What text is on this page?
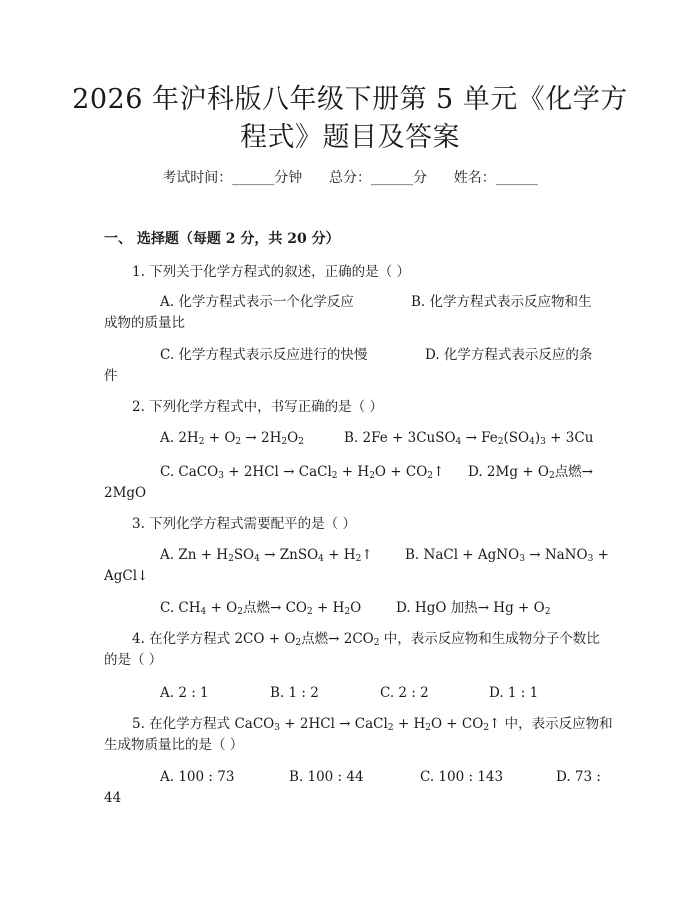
2026 年沪科版八年级下册第 5 单元《化学方
程式》题目及答案
考试时间：______分钟 总分：______分 姓名：______
一、 选择题（每题 2 分，共 20 分）
1. 下列关于化学方程式的叙述，正确的是（ ）
A. 化学方程式表示一个化学反应	B. 化学方程式表示反应物和生
成物的质量比
C. 化学方程式表示反应进行的快慢	D. 化学方程式表示反应的条
件
2. 下列化学方程式中，书写正确的是（ ）
A. $2H_2 + O_2 \to 2H_2O_2$	B. 2Fe + 3CuSO$_4$ → $Fe_2(SO_4)_3 + 3Cu$
C. CaCO$_3$ + 2HCl → CaCl$_2$ + $H_2O$ + $CO_2↑$ D. $2Mg + O_2$点燃→
2MgO
3. 下列化学方程式需要配平的是（ ）
A. $Zn + H_2SO_4$ → ZnSO$_4$ + $H_2↑$ B. NaCl + AgNO$_3$ → NaNO$_3$ +
AgCl↓
C. $CH_4 + O_2$点燃→ $CO_2 + H_2O$	D. HgO 加热→ $Hg + O_2$
4. 在化学方程式 $2CO + O_2$点燃→ $2CO_2$ 中，表示反应物和生成物分子个数比
的是（ ）
A. 2 : 1	B. 1 : 2	C. 2 : 2	D. 1 : 1
5. 在化学方程式 CaCO$_3$ + 2HCl → CaCl$_2$ + $H_2O$ + $CO_2↑$ 中，表示反应物和
生成物质量比的是（ ）
A. 100 : 73	B. 100 : 44	C. 100 : 143	D. 73 :
44
